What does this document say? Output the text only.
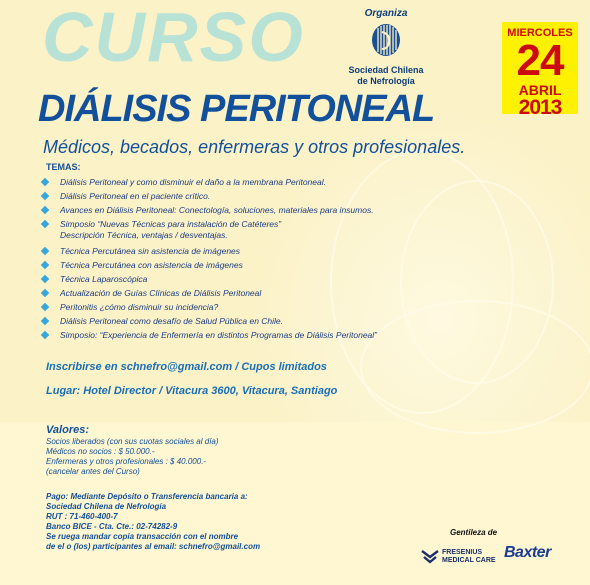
CURSO	Organiza
Sociedad Chilena
de Nefrología
MIERCOLES
24
ABRIL
2013
DIÁLISIS PERITONEAL
Médicos, becados, enfermeras y otros profesionales.
TEMAS:
Diálisis Peritoneal y como disminuir el daño a la membrana Peritoneal.
Diálisis Peritoneal en el paciente crítico.
Avances en Diálisis Peritoneal: Conectología, soluciones, materiales para insumos.
Simposio “Nuevas Técnicas para instalación de Catéteres”
Descripción Técnica, ventajas / desventajas.
Técnica Percutánea sin asistencia de imágenes
Técnica Percutánea con asistencia de imágenes
Técnica Laparoscópica
Actualización de Guías Clínicas de Diálisis Peritoneal
Peritonitis ¿cómo disminuir su incidencia?
Diálisis Peritoneal como desafío de Salud Pública en Chile.
Simposio: “Experiencia de Enfermería en distintos Programas de Diálisis Peritoneal”
Inscribirse en schnefro@gmail.com / Cupos limitados
Lugar: Hotel Director / Vitacura 3600, Vitacura, Santiago
Valores:
Socios liberados (con sus cuotas sociales al día)
Médicos no socios : $ 50.000.-
Enfermeras y otros profesionales : $ 40.000.-
(cancelar antes del Curso)
Pago: Mediante Depósito o Transferencia bancaria a:
Sociedad Chilena de Nefrología
RUT : 71-460-400-7
Banco BICE - Cta. Cte.: 02-74282-9
Se ruega mandar copia transacción con el nombre
de el o (los) participantes al email: schnefro@gmail.com
Gentileza de
FRESENIUS
MEDICAL CARE Baxter
